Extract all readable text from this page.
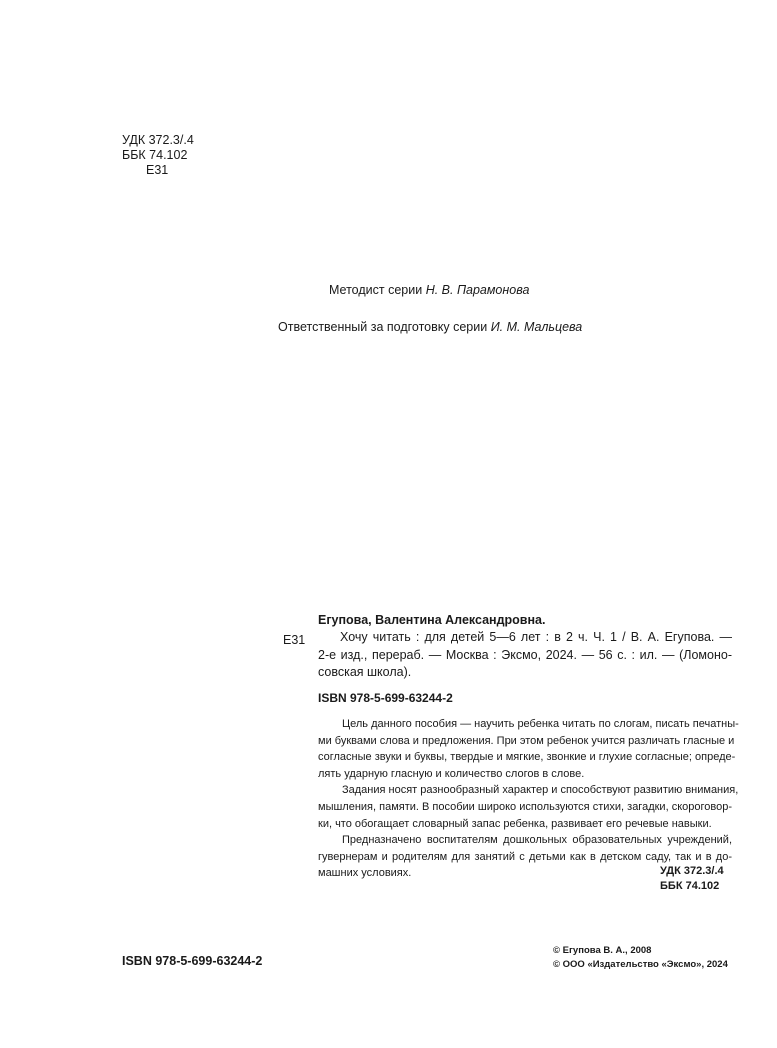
УДК 372.3/.4
ББК 74.102
Е31
Методист серии Н. В. Парамонова
Ответственный за подготовку серии И. М. Мальцева
Егупова, Валентина Александровна.
Е31	Хочу читать : для детей 5—6 лет : в 2 ч. Ч. 1 / В. А. Егупова. —
2-е изд., перераб. — Москва : Эксмо, 2024. — 56 с. : ил. — (Ломоно-
совская школа).
ISBN 978-5-699-63244-2
Цель данного пособия — научить ребенка читать по слогам, писать печатны-
ми буквами слова и предложения. При этом ребенок учится различать гласные и
согласные звуки и буквы, твердые и мягкие, звонкие и глухие согласные; опреде-
лять ударную гласную и количество слогов в слове.
Задания носят разнообразный характер и способствуют развитию внимания,
мышления, памяти. В пособии широко используются стихи, загадки, скороговор-
ки, что обогащает словарный запас ребенка, развивает его речевые навыки.
Предназначено воспитателям дошкольных образовательных учреждений,
гувернерам и родителям для занятий с детьми как в детском саду, так и в до-
машних условиях.	УДК 372.3/.4
ББК 74.102
ISBN 978-5-699-63244-2
© Егупова В. А., 2008
© ООО «Издательство «Эксмо», 2024
